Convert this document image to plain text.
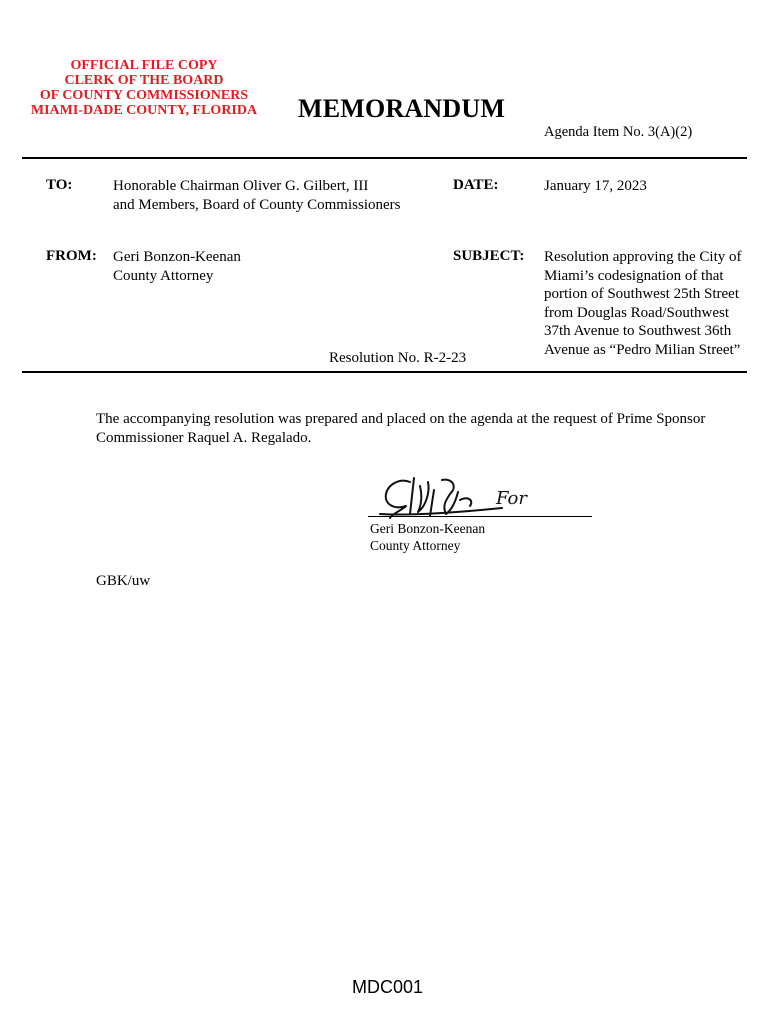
OFFICIAL FILE COPY
CLERK OF THE BOARD
OF COUNTY COMMISSIONERS
MIAMI-DADE COUNTY, FLORIDA	MEMORANDUM
Agenda Item No. 3(A)(2)
TO:	Honorable Chairman Oliver G. Gilbert, III
and Members, Board of County Commissioners
DATE:	January 17, 2023
FROM: Geri Bonzon-Keenan
County Attorney
SUBJECT: Resolution approving the City of
Miami’s codesignation of that
portion of Southwest 25th Street
from Douglas Road/Southwest
37th Avenue to Southwest 36th
Avenue as “Pedro Milian Street”
Resolution No. R-2-23
The accompanying resolution was prepared and placed on the agenda at the request of Prime Sponsor
Commissioner Raquel A. Regalado.
For
Geri Bonzon-Keenan
County Attorney
GBK/uw
MDC001
